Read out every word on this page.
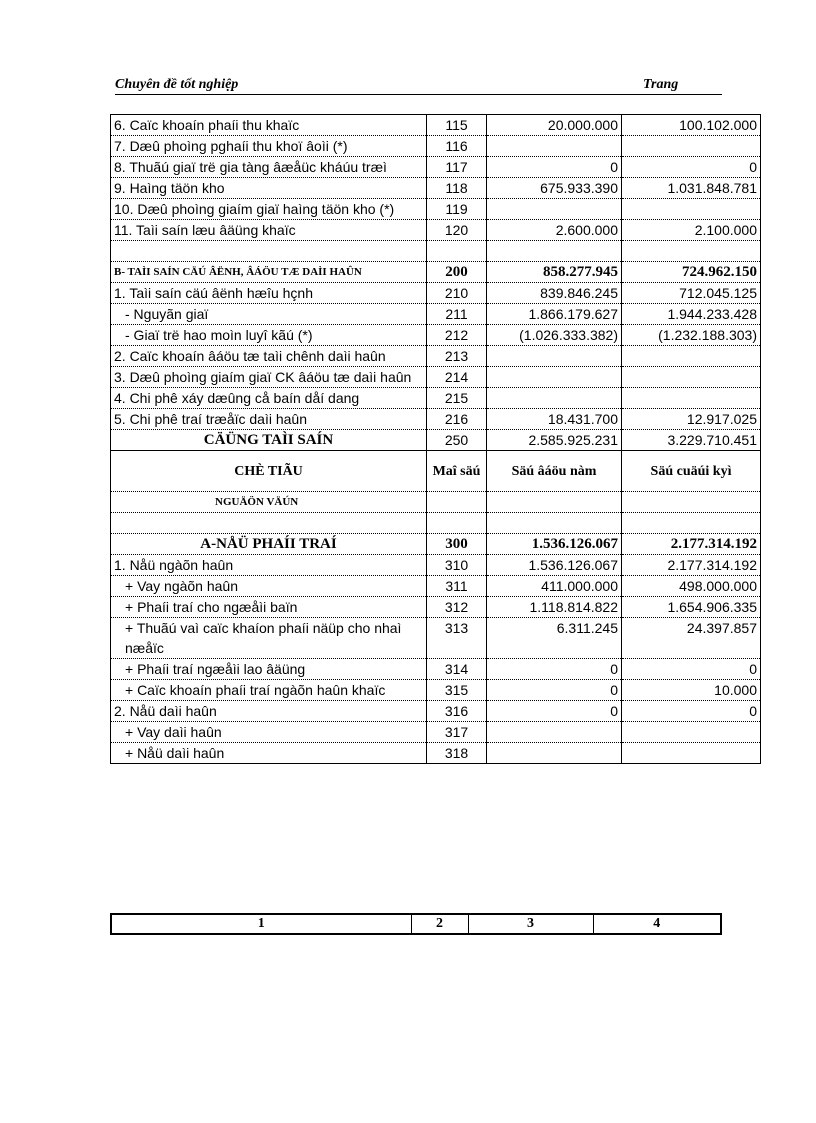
Chuyên đề tốt nghiệp	Trang
6. Caïc khoaín phaíi thu khaïc	115	20.000.000	100.102.000
7. Dæû phoìng pghaíi thu khoï âoìi (*)	116		
8. Thuãú giaï trë gia tàng âæåüc kháúu træì	117	0	0
9. Haìng täön kho	118	675.933.390	1.031.848.781
10. Dæû phoìng giaím giaï haìng täön kho (*)	119		
11. Taìi saín læu âäüng khaïc	120	2.600.000	2.100.000

B- TAÌI SAÍN CÄÚ ÂËNH, ÂÁÖU TÆ DAÌI HAÛN	200	858.277.945	724.962.150
1. Taìi saín cäú âënh hæîu hçnh	210	839.846.245	712.045.125
- Nguyãn giaï	211	1.866.179.627	1.944.233.428
- Giaï trë hao moìn luyî kãú (*)	212	(1.026.333.382)	(1.232.188.303)
2. Caïc khoaín âáöu tæ taìi chênh daìi haûn	213		
3. Dæû phoìng giaím giaï CK âáöu tæ daìi haûn	214		
4. Chi phê xáy dæûng cå baín dåí dang	215		
5. Chi phê traí træåïc daìi haûn	216	18.431.700	12.917.025
CÄÜNG TAÌI SAÍN	250	2.585.925.231	3.229.710.451
CHÈ TIÃU	Maî säú	Säú âáöu nàm	Säú cuäúi kyì
NGUÄÖN VÄÚN			

A-NÅÜ PHAÍI TRAÍ	300	1.536.126.067	2.177.314.192
1. Nåü ngàõn haûn	310	1.536.126.067	2.177.314.192
+ Vay ngàõn haûn	311	411.000.000	498.000.000
+ Phaíi traí cho ngæåìi baïn	312	1.118.814.822	1.654.906.335
+ Thuãú vaì caïc khaíon phaíi näüp cho nhaì næåïc	313	6.311.245	24.397.857
+ Phaíi traí ngæåìi lao âäüng	314	0	0
+ Caïc khoaín phaíi traí ngàõn haûn khaïc	315	0	10.000
2. Nåü daìi haûn	316	0	0
+ Vay daìi haûn	317		
+ Nåü daìi haûn	318		
1	2	3	4
